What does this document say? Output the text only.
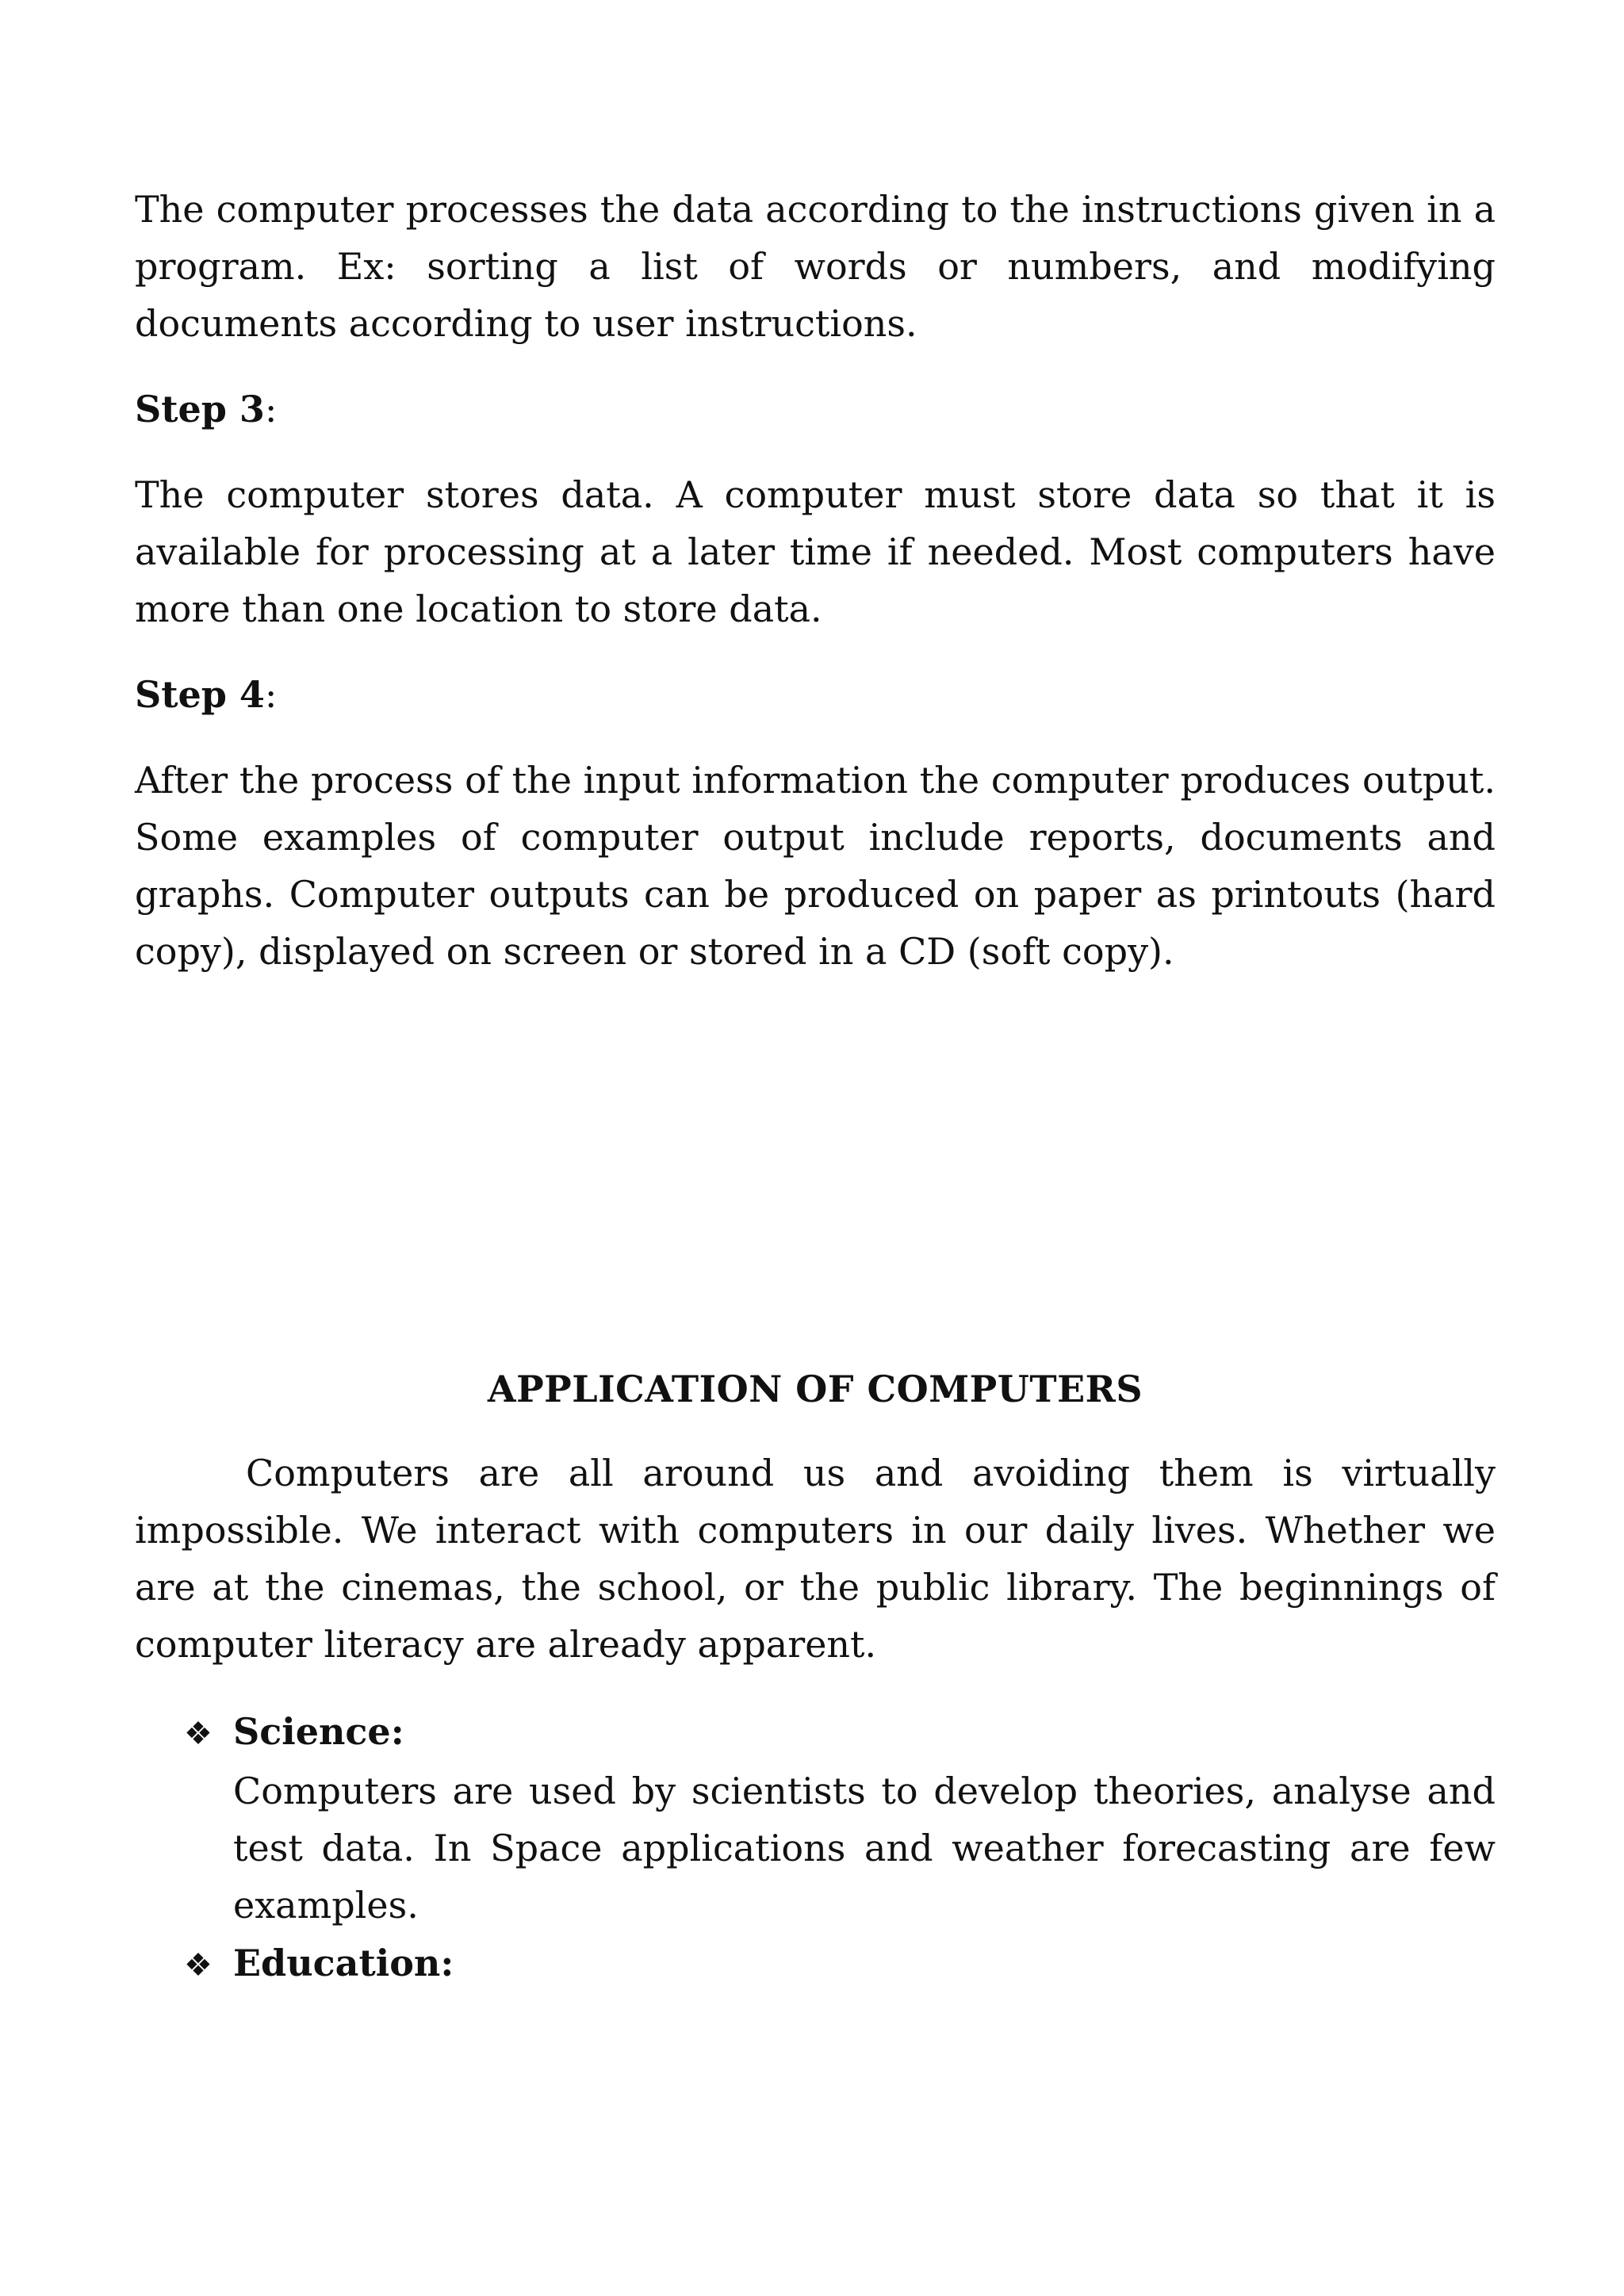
The computer processes the data according to the instructions given in a program. Ex: sorting a list of words or numbers, and modifying documents according to user instructions.

Step 3:

The computer stores data. A computer must store data so that it is available for processing at a later time if needed. Most computers have more than one location to store data.

Step 4:

After the process of the input information the computer produces output. Some examples of computer output include reports, documents and graphs. Computer outputs can be produced on paper as printouts (hard copy), displayed on screen or stored in a CD (soft copy).

APPLICATION OF COMPUTERS

Computers are all around us and avoiding them is virtually impossible. We interact with computers in our daily lives. Whether we are at the cinemas, the school, or the public library. The beginnings of computer literacy are already apparent.

❖ Science:

Computers are used by scientists to develop theories, analyse and test data. In Space applications and weather forecasting are few examples.

❖ Education:
